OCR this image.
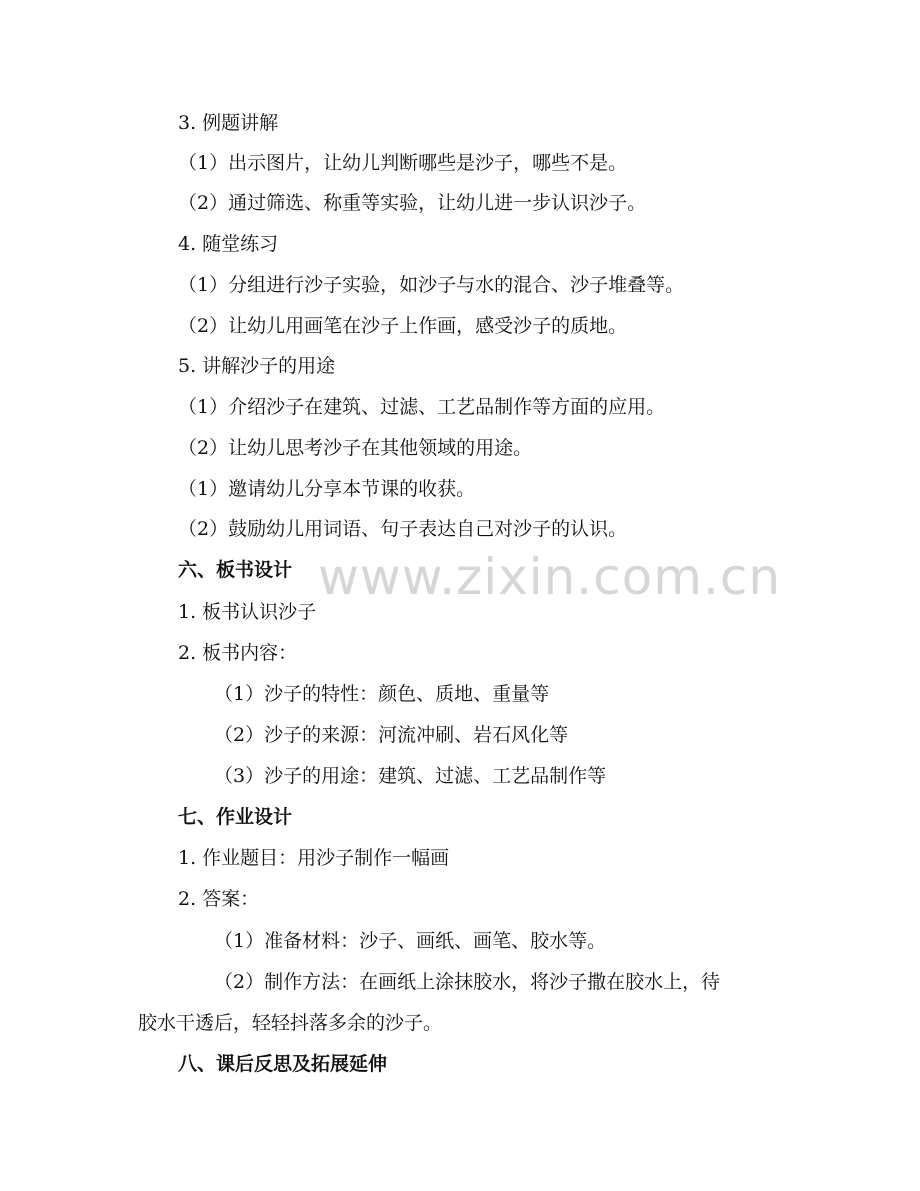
3. 例题讲解
（1）出示图片，让幼儿判断哪些是沙子，哪些不是。
（2）通过筛选、称重等实验，让幼儿进一步认识沙子。
4. 随堂练习
（1）分组进行沙子实验，如沙子与水的混合、沙子堆叠等。
（2）让幼儿用画笔在沙子上作画，感受沙子的质地。
5. 讲解沙子的用途
（1）介绍沙子在建筑、过滤、工艺品制作等方面的应用。
（2）让幼儿思考沙子在其他领域的用途。
（1）邀请幼儿分享本节课的收获。
（2）鼓励幼儿用词语、句子表达自己对沙子的认识。
六、板书设计
1. 板书认识沙子
2. 板书内容：
（1）沙子的特性：颜色、质地、重量等
（2）沙子的来源：河流冲刷、岩石风化等
（3）沙子的用途：建筑、过滤、工艺品制作等
七、作业设计
1. 作业题目：用沙子制作一幅画
2. 答案：
（1）准备材料：沙子、画纸、画笔、胶水等。
（2）制作方法：在画纸上涂抹胶水，将沙子撒在胶水上，待
胶水干透后，轻轻抖落多余的沙子。
八、课后反思及拓展延伸
www.zixin.com.cn
